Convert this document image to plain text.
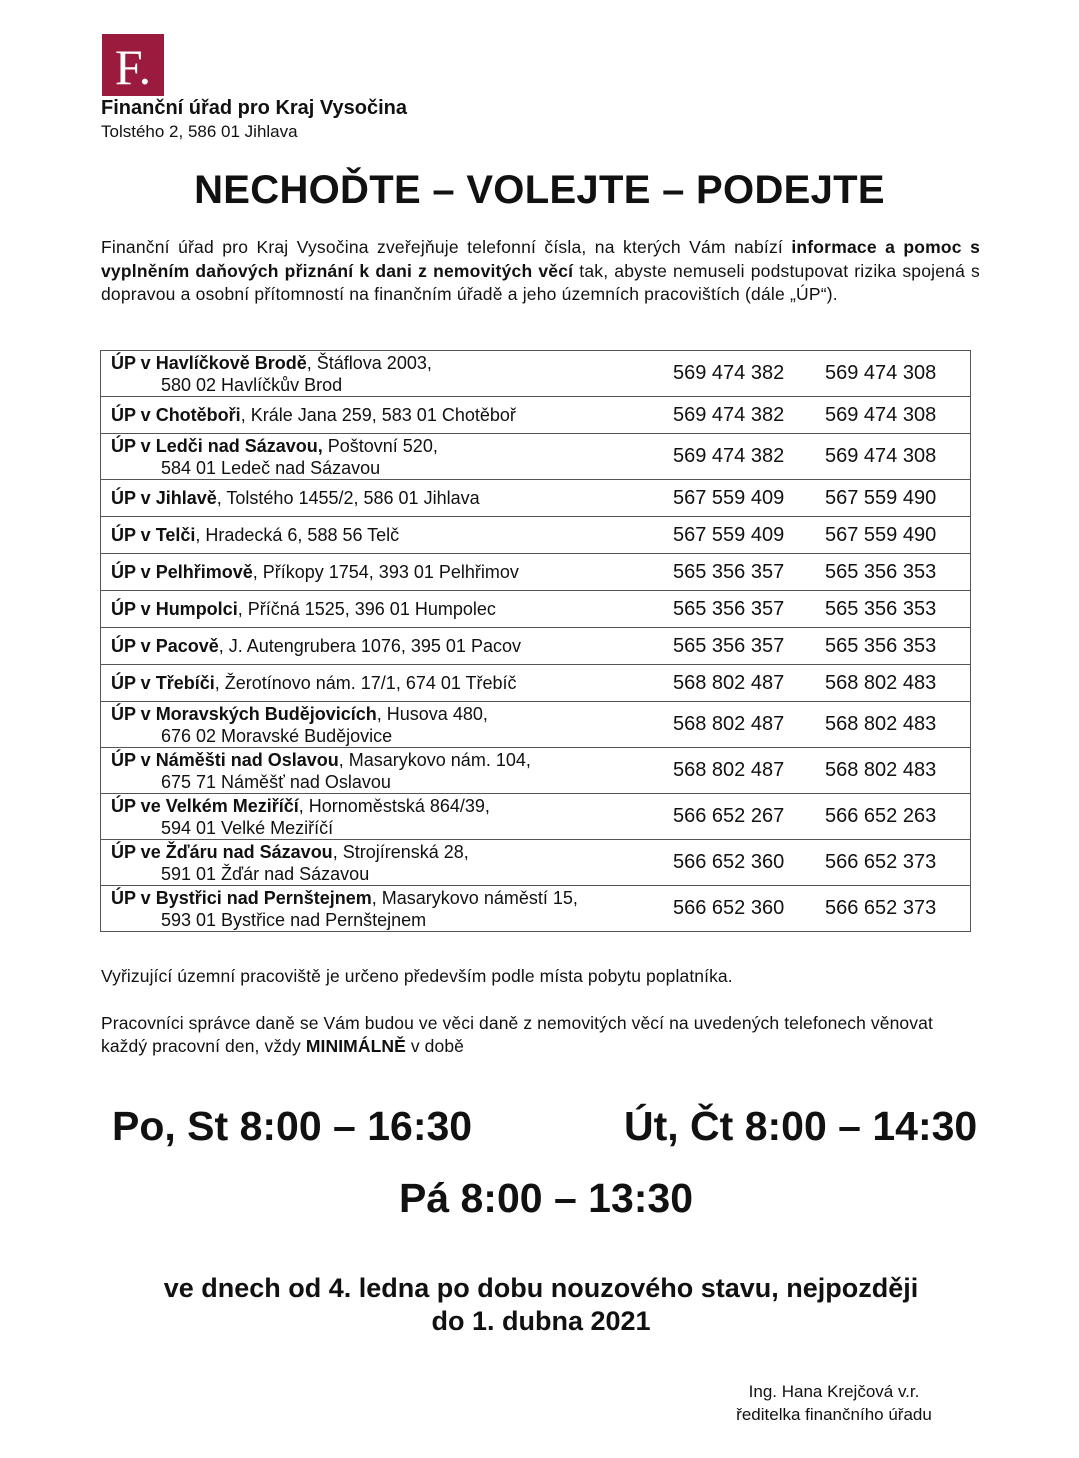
F.
Finanční úřad pro Kraj Vysočina
Tolstého 2, 586 01 Jihlava
NECHOĎTE – VOLEJTE – PODEJTE
Finanční úřad pro Kraj Vysočina zveřejňuje telefonní čísla, na kterých Vám nabízí informace a pomoc s vyplněním daňových přiznání k dani z nemovitých věcí tak, abyste nemuseli podstupovat rizika spojená s dopravou a osobní přítomností na finančním úřadě a jeho územních pracovištích (dále „ÚP“).
ÚP v Havlíčkově Brodě, Štáflova 2003,
580 02 Havlíčkův Brod	569 474 382	569 474 308
ÚP v Chotěboři, Krále Jana 259, 583 01 Chotěboř	569 474 382	569 474 308
ÚP v Ledči nad Sázavou, Poštovní 520,
584 01 Ledeč nad Sázavou	569 474 382	569 474 308
ÚP v Jihlavě, Tolstého 1455/2, 586 01 Jihlava	567 559 409	567 559 490
ÚP v Telči, Hradecká 6, 588 56 Telč	567 559 409	567 559 490
ÚP v Pelhřimově, Příkopy 1754, 393 01 Pelhřimov	565 356 357	565 356 353
ÚP v Humpolci, Příčná 1525, 396 01 Humpolec	565 356 357	565 356 353
ÚP v Pacově, J. Autengrubera 1076, 395 01 Pacov	565 356 357	565 356 353
ÚP v Třebíči, Žerotínovo nám. 17/1, 674 01 Třebíč	568 802 487	568 802 483
ÚP v Moravských Budějovicích, Husova 480,
676 02 Moravské Budějovice	568 802 487	568 802 483
ÚP v Náměšti nad Oslavou, Masarykovo nám. 104,
675 71 Náměšť nad Oslavou	568 802 487	568 802 483
ÚP ve Velkém Meziříčí, Hornoměstská 864/39,
594 01 Velké Meziříčí	566 652 267	566 652 263
ÚP ve Žďáru nad Sázavou, Strojírenská 28,
591 01 Žďár nad Sázavou	566 652 360	566 652 373
ÚP v Bystřici nad Pernštejnem, Masarykovo náměstí 15,
593 01 Bystřice nad Pernštejnem	566 652 360	566 652 373
Vyřizující územní pracoviště je určeno především podle místa pobytu poplatníka.
Pracovníci správce daně se Vám budou ve věci daně z nemovitých věcí na uvedených telefonech věnovat každý pracovní den, vždy MINIMÁLNĚ v době
Po, St 8:00 – 16:30	Út, Čt 8:00 – 14:30
Pá 8:00 – 13:30
ve dnech od 4. ledna po dobu nouzového stavu, nejpozději
do 1. dubna 2021
Ing. Hana Krejčová v.r.
ředitelka finančního úřadu
